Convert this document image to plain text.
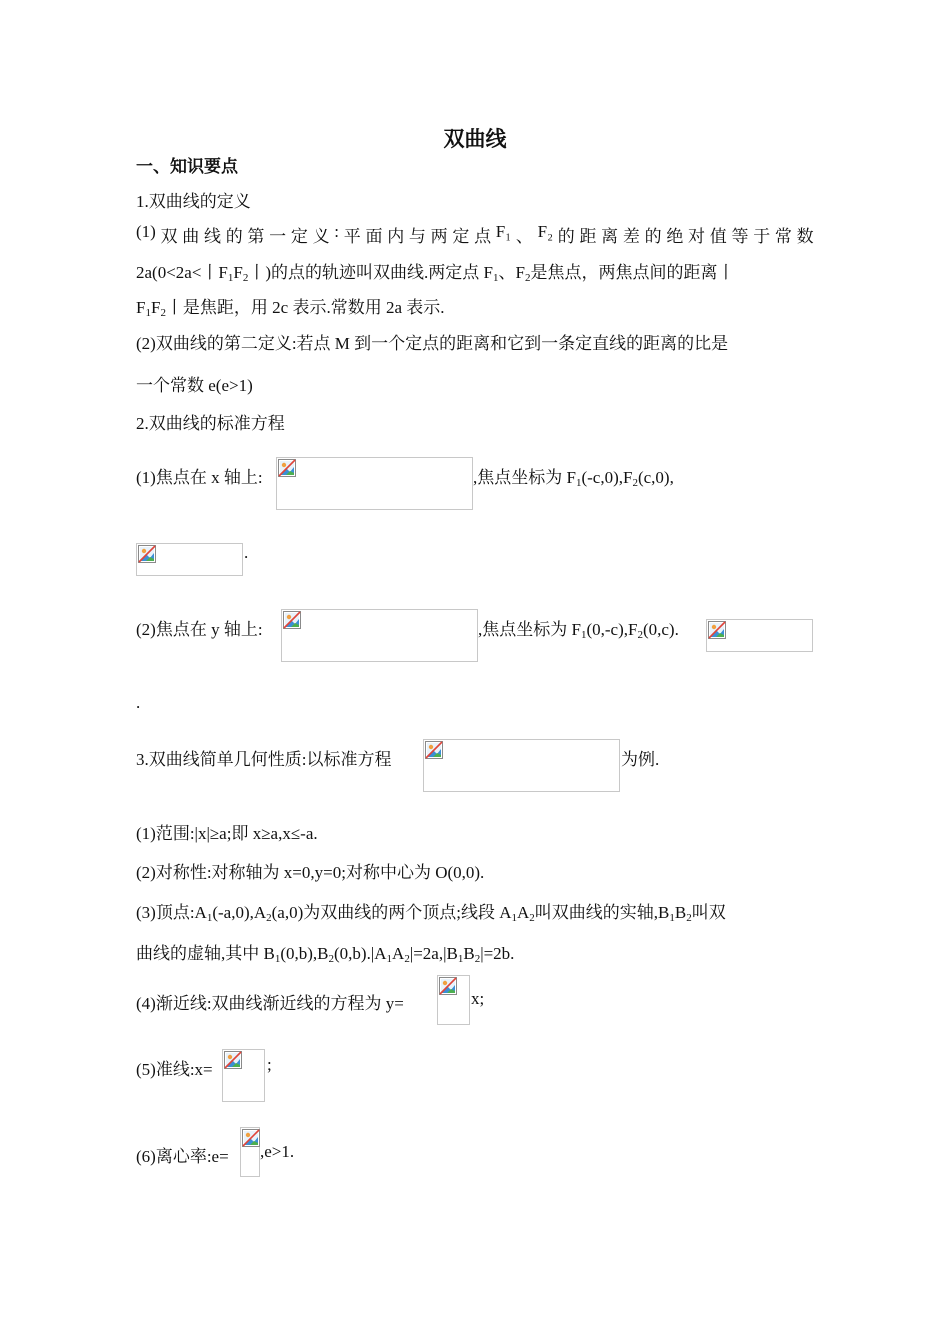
双曲线
一、知识要点
1.双曲线的定义
(1) 双 曲 线 的 第 一 定 义 : 平 面 内 与 两 定 点 F₁ 、 F₂ 的 距 离 差 的 绝 对 值 等 于 常 数
2a(0<2a<丨$F_1F_2$丨)的点的轨迹叫双曲线.两定点 $F_1$、$F_2$是焦点，两焦点间的距离丨
$F_1F_2$丨是焦距，用 2c 表示.常数用 2a 表示.
(2)双曲线的第二定义:若点 M 到一个定点的距离和它到一条定直线的距离的比是
一个常数 e(e>1)
2.双曲线的标准方程
(1)焦点在 x 轴上:	,焦点坐标为 $F_1(-c,0),F_2(c,0)$,
.
(2)焦点在 y 轴上:	,焦点坐标为 $F_1(0,-c),F_2(0,c)$.
.
3.双曲线简单几何性质:以标准方程	为例.
(1)范围:|x|≥a;即 x≥a,x≤-a.
(2)对称性:对称轴为 x=0,y=0;对称中心为 O(0,0).
(3)顶点$:A_1(-a,0),A_2(a,0)$为双曲线的两个顶点;线段 $A_1A_2$叫双曲线的实轴$,B_1B_2$叫双
曲线的虚轴,其中 $B_1(0,b),B_2(0,b).|A_1A_2|=2a,|B_1B_2|=2b$.
(4)渐近线:双曲线渐近线的方程为 y=	x;
(5)准线:x=	;
(6)离心率:e= ,e>1.
